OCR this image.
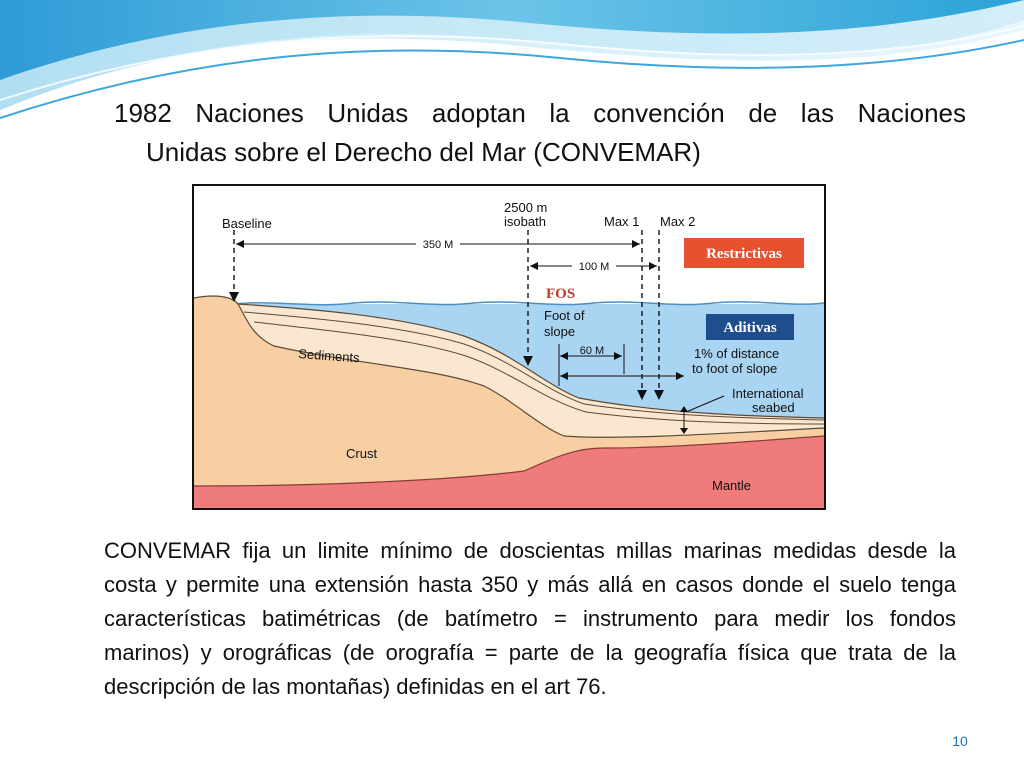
1982 Naciones Unidas adoptan la convención de las Naciones
Unidas sobre el Derecho del Mar (CONVEMAR)
Restrictivas
Aditivas
Baseline
2500 m
isobath	Max 1 Max 2
350 M
100 M
FOS
Foot of
slope
60 M	1% of distance
to foot of slope
International
seabed
Sediments
Crust
Mantle
CONVEMAR fija un limite mínimo de doscientas millas marinas medidas desde la costa y permite una extensión hasta 350 y más allá en casos donde el suelo tenga características batimétricas (de batímetro = instrumento para medir los fondos marinos) y orográficas (de orografía = parte de la geografía física que trata de la descripción de las montañas) definidas en el art 76.
10
